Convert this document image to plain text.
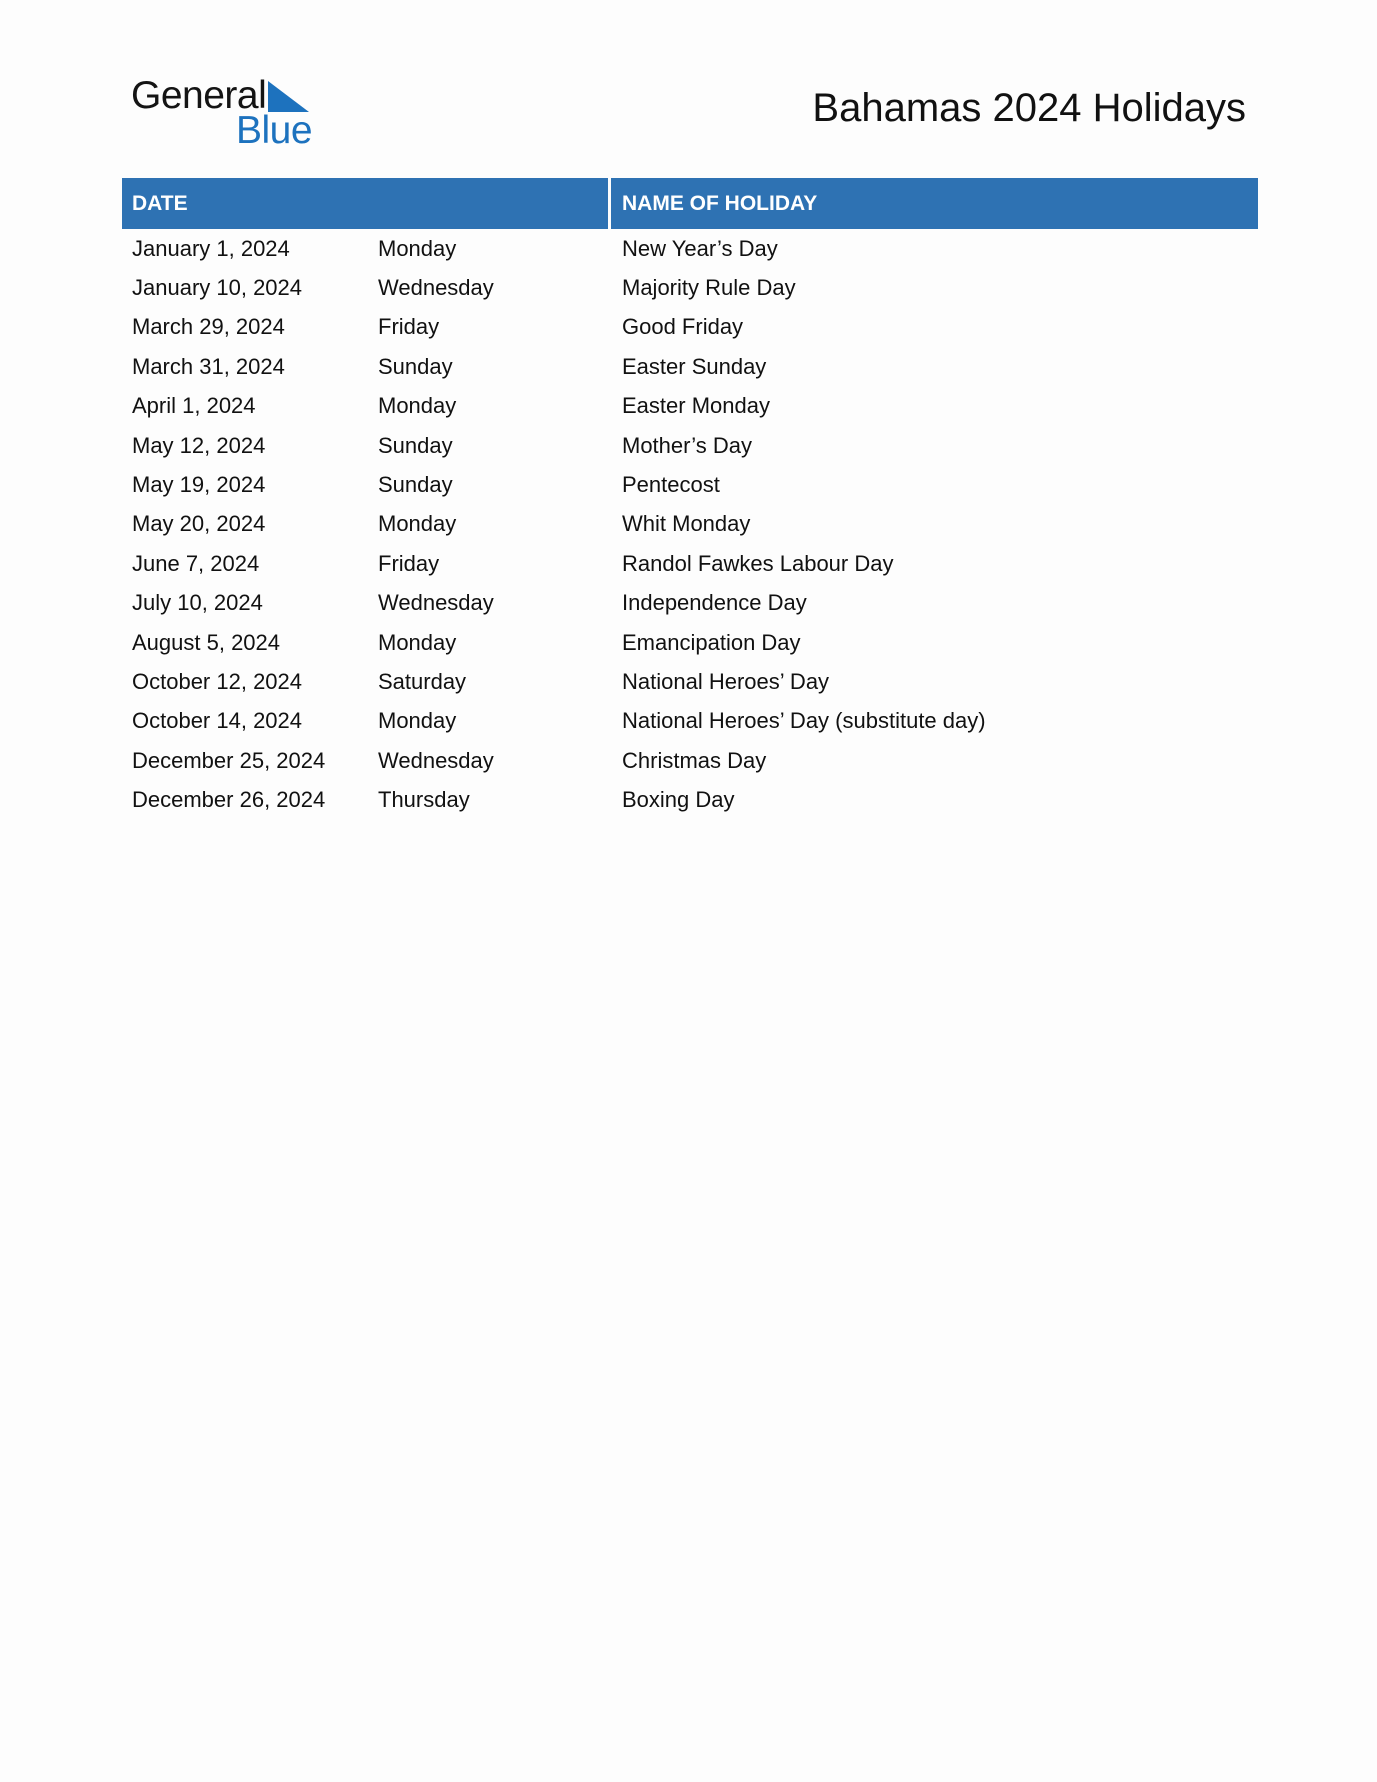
General
Blue
Bahamas 2024 Holidays
DATE	NAME OF HOLIDAY
January 1, 2024	Monday	New Year’s Day
January 10, 2024	Wednesday	Majority Rule Day
March 29, 2024	Friday	Good Friday
March 31, 2024	Sunday	Easter Sunday
April 1, 2024	Monday	Easter Monday
May 12, 2024	Sunday	Mother’s Day
May 19, 2024	Sunday	Pentecost
May 20, 2024	Monday	Whit Monday
June 7, 2024	Friday	Randol Fawkes Labour Day
July 10, 2024	Wednesday	Independence Day
August 5, 2024	Monday	Emancipation Day
October 12, 2024	Saturday	National Heroes’ Day
October 14, 2024	Monday	National Heroes’ Day (substitute day)
December 25, 2024	Wednesday	Christmas Day
December 26, 2024	Thursday	Boxing Day
